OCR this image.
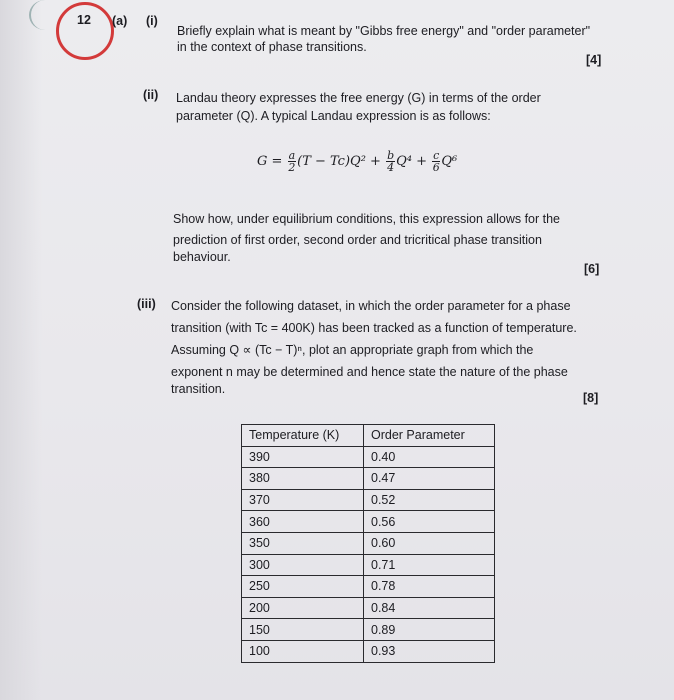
12 (a) (i)
Briefly explain what is meant by "Gibbs free energy" and "order parameter"
in the context of phase transitions.
[4]
(ii) Landau theory expresses the free energy (G) in terms of the order
parameter (Q). A typical Landau expression is as follows:
$G = \frac{a}{2} (T - Tc)Q^2 + \frac{b}{4} Q^4 + \frac{c}{6} Q^6$
Show how, under equilibrium conditions, this expression allows for the
prediction of first order, second order and tricritical phase transition
behaviour.
[6]
(iii) Consider the following dataset, in which the order parameter for a phase
transition (with Tc = 400K) has been tracked as a function of temperature.
Assuming Q ∝ (Tc − T)ⁿ, plot an appropriate graph from which the
exponent n may be determined and hence state the nature of the phase
transition.
[8]
Temperature (K)	Order Parameter
390	0.40
380	0.47
370	0.52
360	0.56
350	0.60
300	0.71
250	0.78
200	0.84
150	0.89
100	0.93
